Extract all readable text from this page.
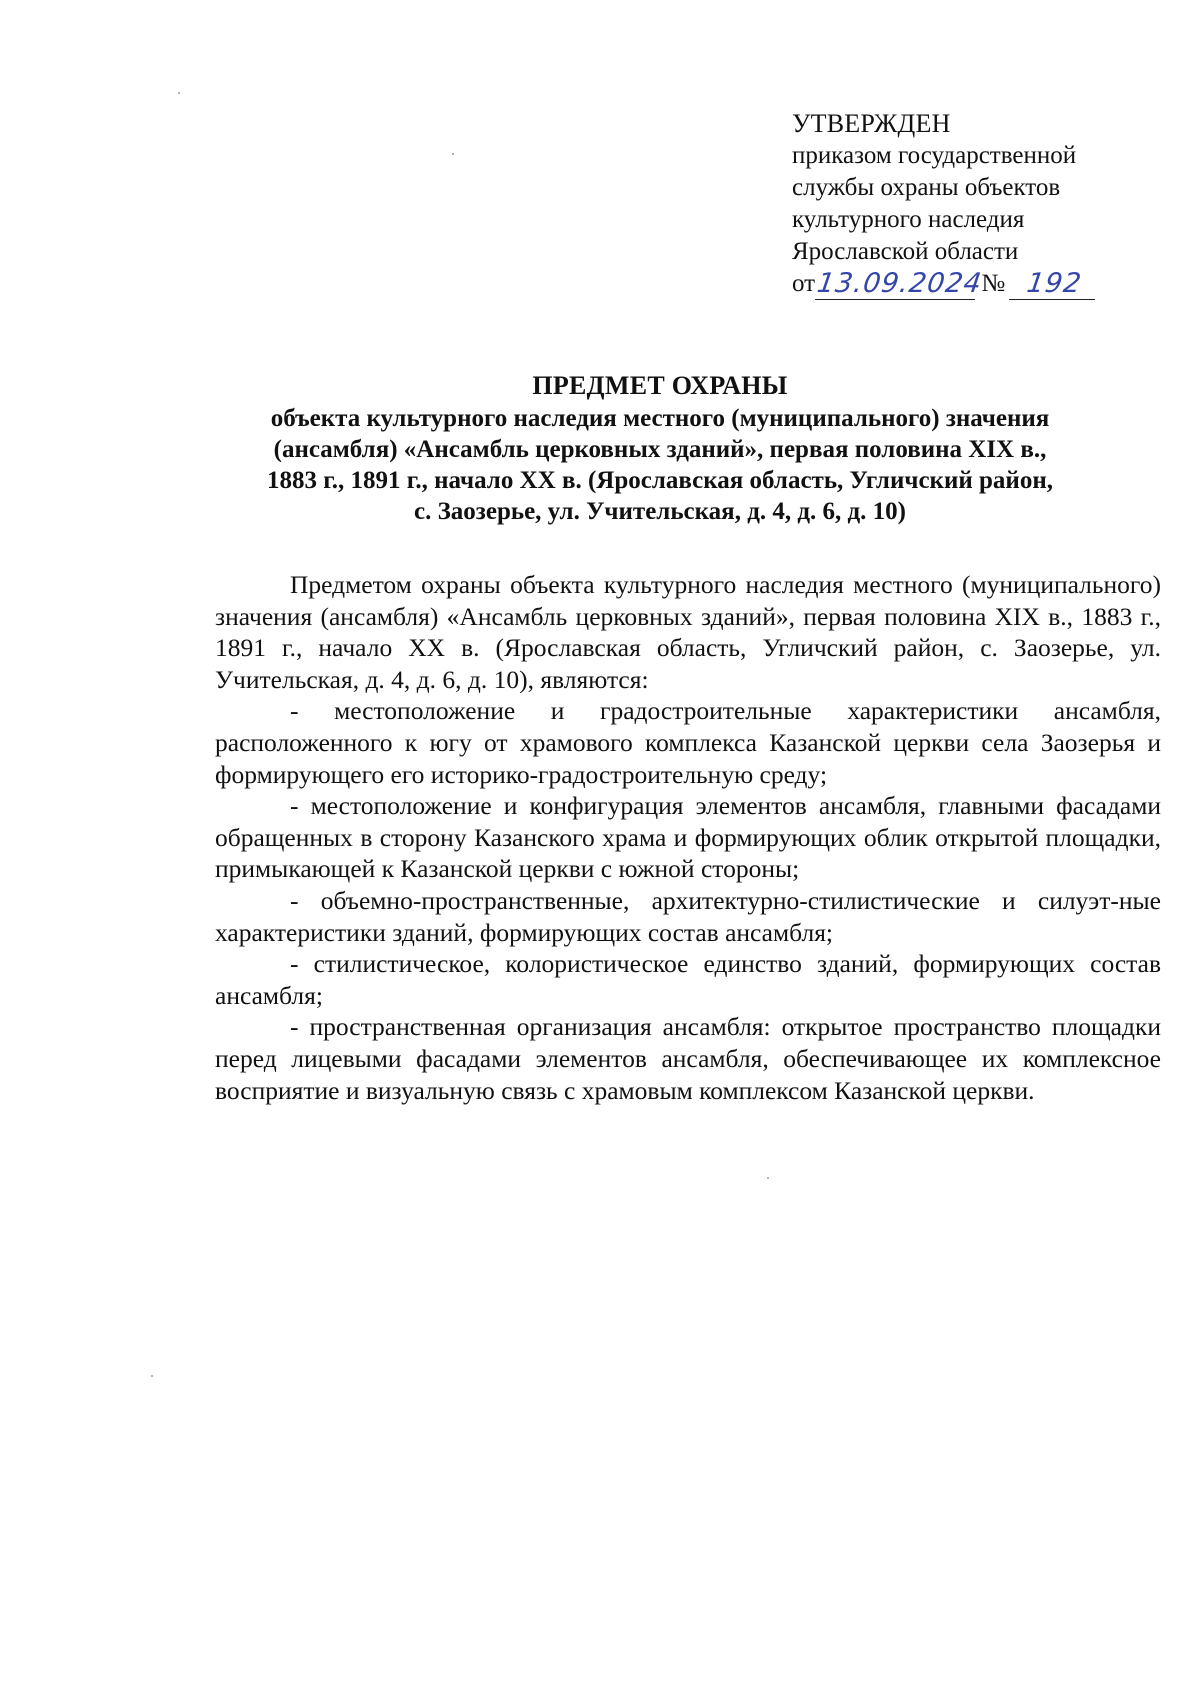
УТВЕРЖДЕН
приказом государственной
службы охраны объектов
культурного наследия
Ярославской области
от13.09.2024 № 192
ПРЕДМЕТ ОХРАНЫ
объекта культурного наследия местного (муниципального) значения
(ансамбля) «Ансамбль церковных зданий», первая половина XIX в.,
1883 г., 1891 г., начало XX в. (Ярославская область, Угличский район,
с. Заозерье, ул. Учительская, д. 4, д. 6, д. 10)

Предметом охраны объекта культурного наследия местного (муниципального) значения (ансамбля) «Ансамбль церковных зданий», первая половина XIX в., 1883 г., 1891 г., начало XX в. (Ярославская область, Угличский район, с. Заозерье, ул. Учительская, д. 4, д. 6, д. 10), являются:

- местоположение и градостроительные характеристики ансамбля, расположенного к югу от храмового комплекса Казанской церкви села Заозерья и формирующего его историко-градостроительную среду;

- местоположение и конфигурация элементов ансамбля, главными фасадами обращенных в сторону Казанского храма и формирующих облик открытой площадки, примыкающей к Казанской церкви с южной стороны;

- объемно-пространственные, архитектурно-стилистические и силуэт-ные характеристики зданий, формирующих состав ансамбля;

- стилистическое, колористическое единство зданий, формирующих состав ансамбля;

- пространственная организация ансамбля: открытое пространство площадки перед лицевыми фасадами элементов ансамбля, обеспечивающее их комплексное восприятие и визуальную связь с храмовым комплексом Казанской церкви.
